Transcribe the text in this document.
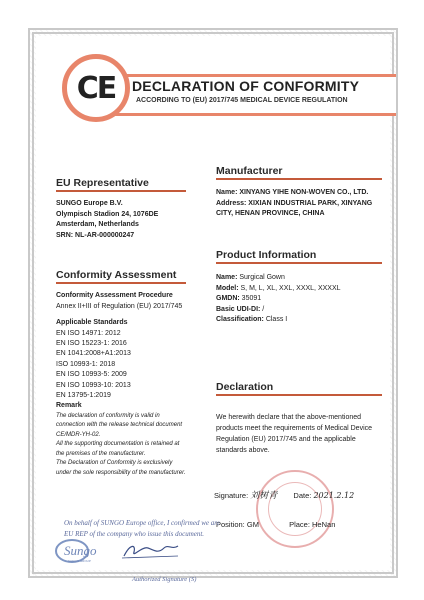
CE DECLARATION OF CONFORMITY
ACCORDING TO (EU) 2017/745 MEDICAL DEVICE REGULATION
EU Representative

SUNGO Europe B.V.

Olympisch Stadion 24, 1076DE

Amsterdam, Netherlands

SRN: NL-AR-000000247

Conformity Assessment

Conformity Assessment Procedure

Annex II+III of Regulation (EU) 2017/745

Applicable Standards

EN ISO 14971: 2012

EN ISO 15223-1: 2016

EN 1041:2008+A1:2013

ISO 10993-1: 2018

EN ISO 10993-5: 2009

EN ISO 10993-10: 2013

EN 13795-1:2019

Remark

The declaration of conformity is valid in connection with the release technical document CE/MDR-YH-02.

All the supporting documentation is retained at the premises of the manufacturer.

The Declaration of Conformity is exclusively under the sole responsibility of the manufacturer.

Manufacturer

Name: XINYANG YIHE NON-WOVEN CO., LTD.

Address: XIXIAN INDUSTRIAL PARK, XINYANG CITY, HENAN PROVINCE, CHINA

Product Information

Name: Surgical Gown

Model: S, M, L, XL, XXL, XXXL, XXXXL

GMDN: 35091

Basic UDI-DI: /

Classification: Class I

Declaration

We herewith declare that the above-mentioned products meet the requirements of Medical Device Regulation (EU) 2017/745 and the applicable standards above.

Signature: 刘树青 Date: 2021.2.12
Position: GM	Place: HeNan
On behalf of SUNGO Europe office, I confirmed we are EU REP of the company who issue this document.
Sungo
SUNGO GROUP
Authorized Signature (S)
